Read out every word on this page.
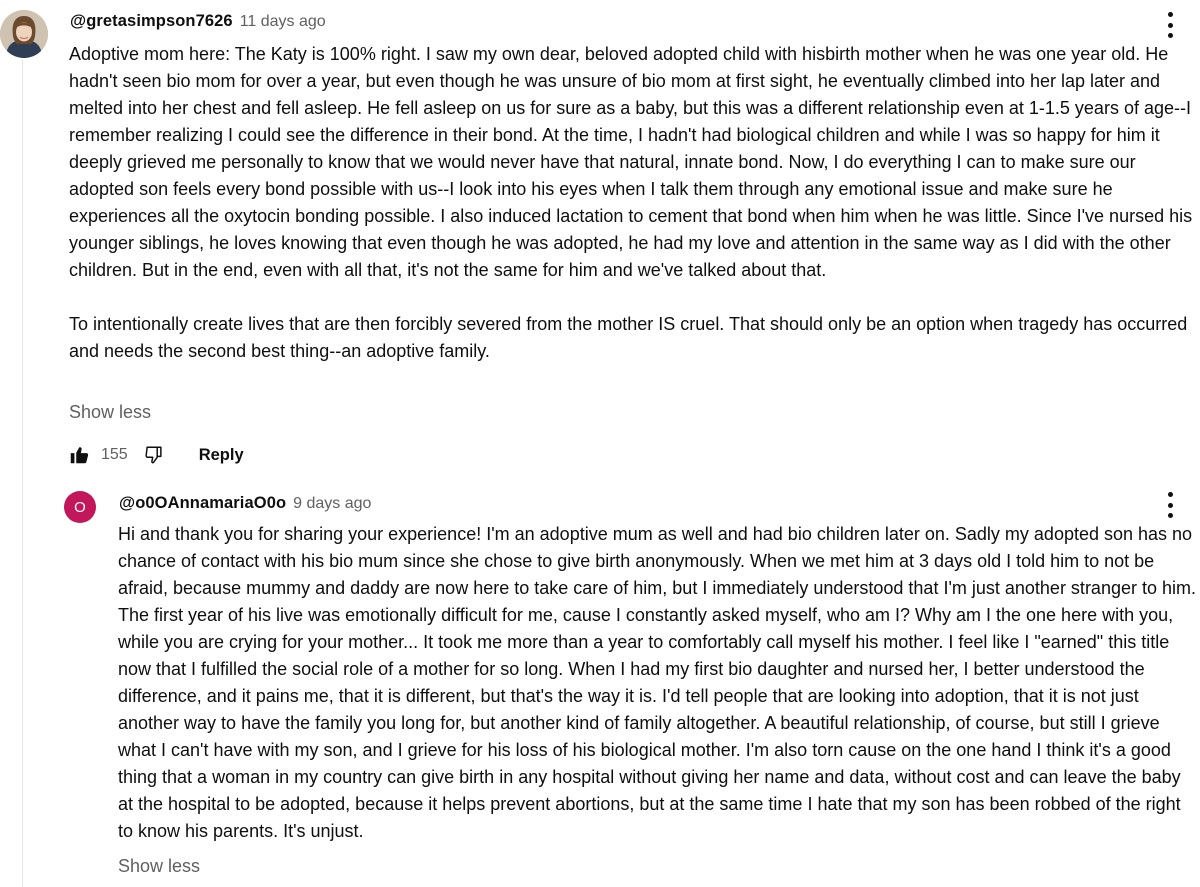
@gretasimpson7626 11 days ago

Adoptive mom here: The Katy is 100% right. I saw my own dear, beloved adopted child with hisbirth mother when he was one year old. He hadn't seen bio mom for over a year, but even though he was unsure of bio mom at first sight, he eventually climbed into her lap later and melted into her chest and fell asleep. He fell asleep on us for sure as a baby, but this was a different relationship even at 1-1.5 years of age--I remember realizing I could see the difference in their bond. At the time, I hadn't had biological children and while I was so happy for him it deeply grieved me personally to know that we would never have that natural, innate bond. Now, I do everything I can to make sure our adopted son feels every bond possible with us--I look into his eyes when I talk them through any emotional issue and make sure he experiences all the oxytocin bonding possible. I also induced lactation to cement that bond when him when he was little. Since I've nursed his younger siblings, he loves knowing that even though he was adopted, he had my love and attention in the same way as I did with the other children. But in the end, even with all that, it's not the same for him and we've talked about that.

To intentionally create lives that are then forcibly severed from the mother IS cruel. That should only be an option when tragedy has occurred and needs the second best thing--an adoptive family.

Show less
155	Reply
O	@o0OAnnamariaO0o 9 days ago

Hi and thank you for sharing your experience! I'm an adoptive mum as well and had bio children later on. Sadly my adopted son has no chance of contact with his bio mum since she chose to give birth anonymously. When we met him at 3 days old I told him to not be afraid, because mummy and daddy are now here to take care of him, but I immediately understood that I'm just another stranger to him. The first year of his live was emotionally difficult for me, cause I constantly asked myself, who am I? Why am I the one here with you, while you are crying for your mother... It took me more than a year to comfortably call myself his mother. I feel like I "earned" this title now that I fulfilled the social role of a mother for so long. When I had my first bio daughter and nursed her, I better understood the difference, and it pains me, that it is different, but that's the way it is. I'd tell people that are looking into adoption, that it is not just another way to have the family you long for, but another kind of family altogether. A beautiful relationship, of course, but still I grieve what I can't have with my son, and I grieve for his loss of his biological mother. I'm also torn cause on the one hand I think it's a good thing that a woman in my country can give birth in any hospital without giving her name and data, without cost and can leave the baby at the hospital to be adopted, because it helps prevent abortions, but at the same time I hate that my son has been robbed of the right to know his parents. It's unjust.

Show less
